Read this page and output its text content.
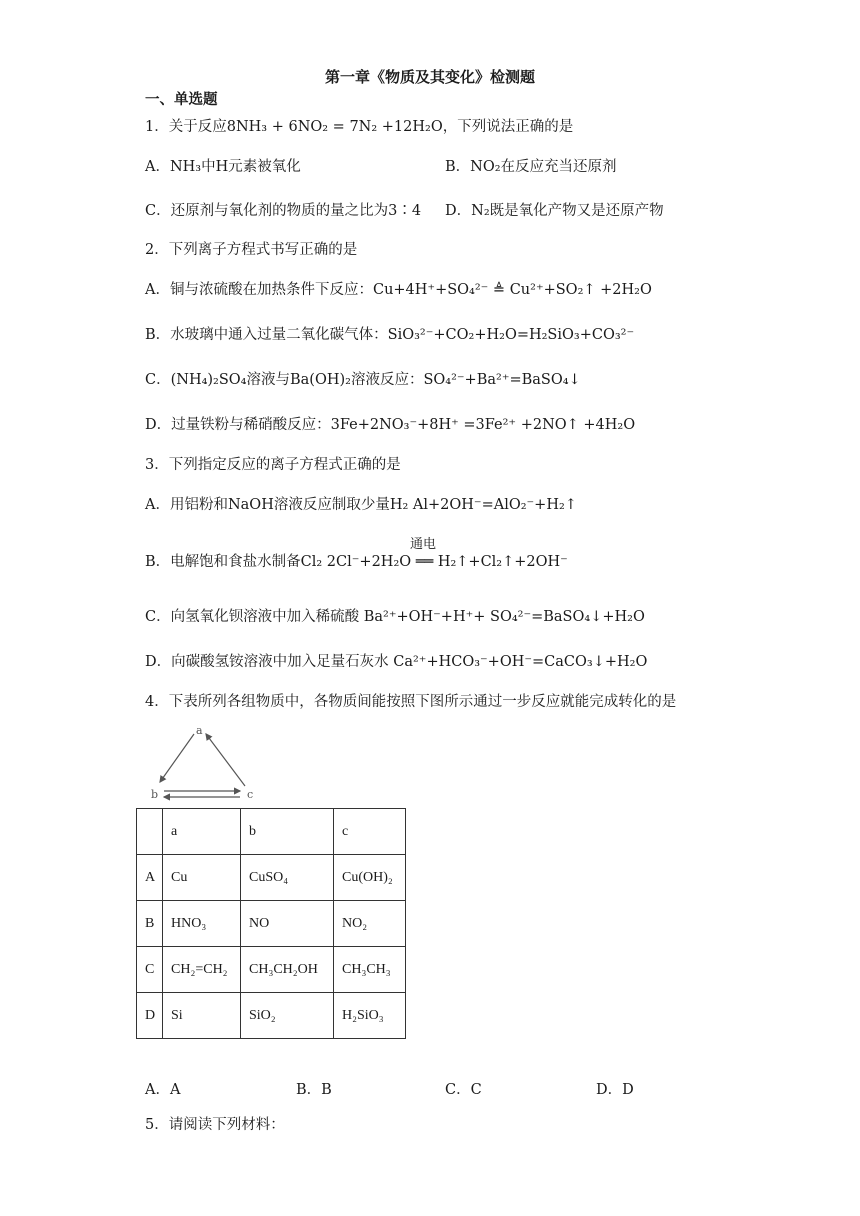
第一章《物质及其变化》检测题
一、单选题
1．关于反应8NH₃ + 6NO₂ = 7N₂ +12H₂O，下列说法正确的是
A．NH₃中H元素被氧化	B．NO₂在反应充当还原剂
C．还原剂与氧化剂的物质的量之比为3∶4 D．N₂既是氧化产物又是还原产物
2．下列离子方程式书写正确的是
A．铜与浓硫酸在加热条件下反应：Cu+4H⁺+SO₄²⁻ ≜ Cu²⁺+SO₂↑ +2H₂O
B．水玻璃中通入过量二氧化碳气体：SiO₃²⁻+CO₂+H₂O=H₂SiO₃+CO₃²⁻
C．(NH₄)₂SO₄溶液与Ba(OH)₂溶液反应：SO₄²⁻+Ba²⁺=BaSO₄↓
D．过量铁粉与稀硝酸反应：3Fe+2NO₃⁻+8H⁺ =3Fe²⁺ +2NO↑ +4H₂O
3．下列指定反应的离子方程式正确的是
A．用铝粉和NaOH溶液反应制取少量H₂ Al+2OH⁻=AlO₂⁻+H₂↑
通电
B．电解饱和食盐水制备Cl₂ 2Cl⁻+2H₂O ══ H₂↑+Cl₂↑+2OH⁻
C．向氢氧化钡溶液中加入稀硫酸 Ba²⁺+OH⁻+H⁺+ SO₄²⁻=BaSO₄↓+H₂O
D．向碳酸氢铵溶液中加入足量石灰水 Ca²⁺+HCO₃⁻+OH⁻=CaCO₃↓+H₂O
4．下表所列各组物质中，各物质间能按照下图所示通过一步反应就能完成转化的是
a
b	c
	a	b	c
A	Cu	CuSO₄	Cu(OH)₂
B	HNO₃	NO	NO₂
C	CH₂=CH₂	CH₃CH₂OH	CH₃CH₃
D	Si	SiO₂	H₂SiO₃
A．A	B．B	C．C	D．D
5．请阅读下列材料：
